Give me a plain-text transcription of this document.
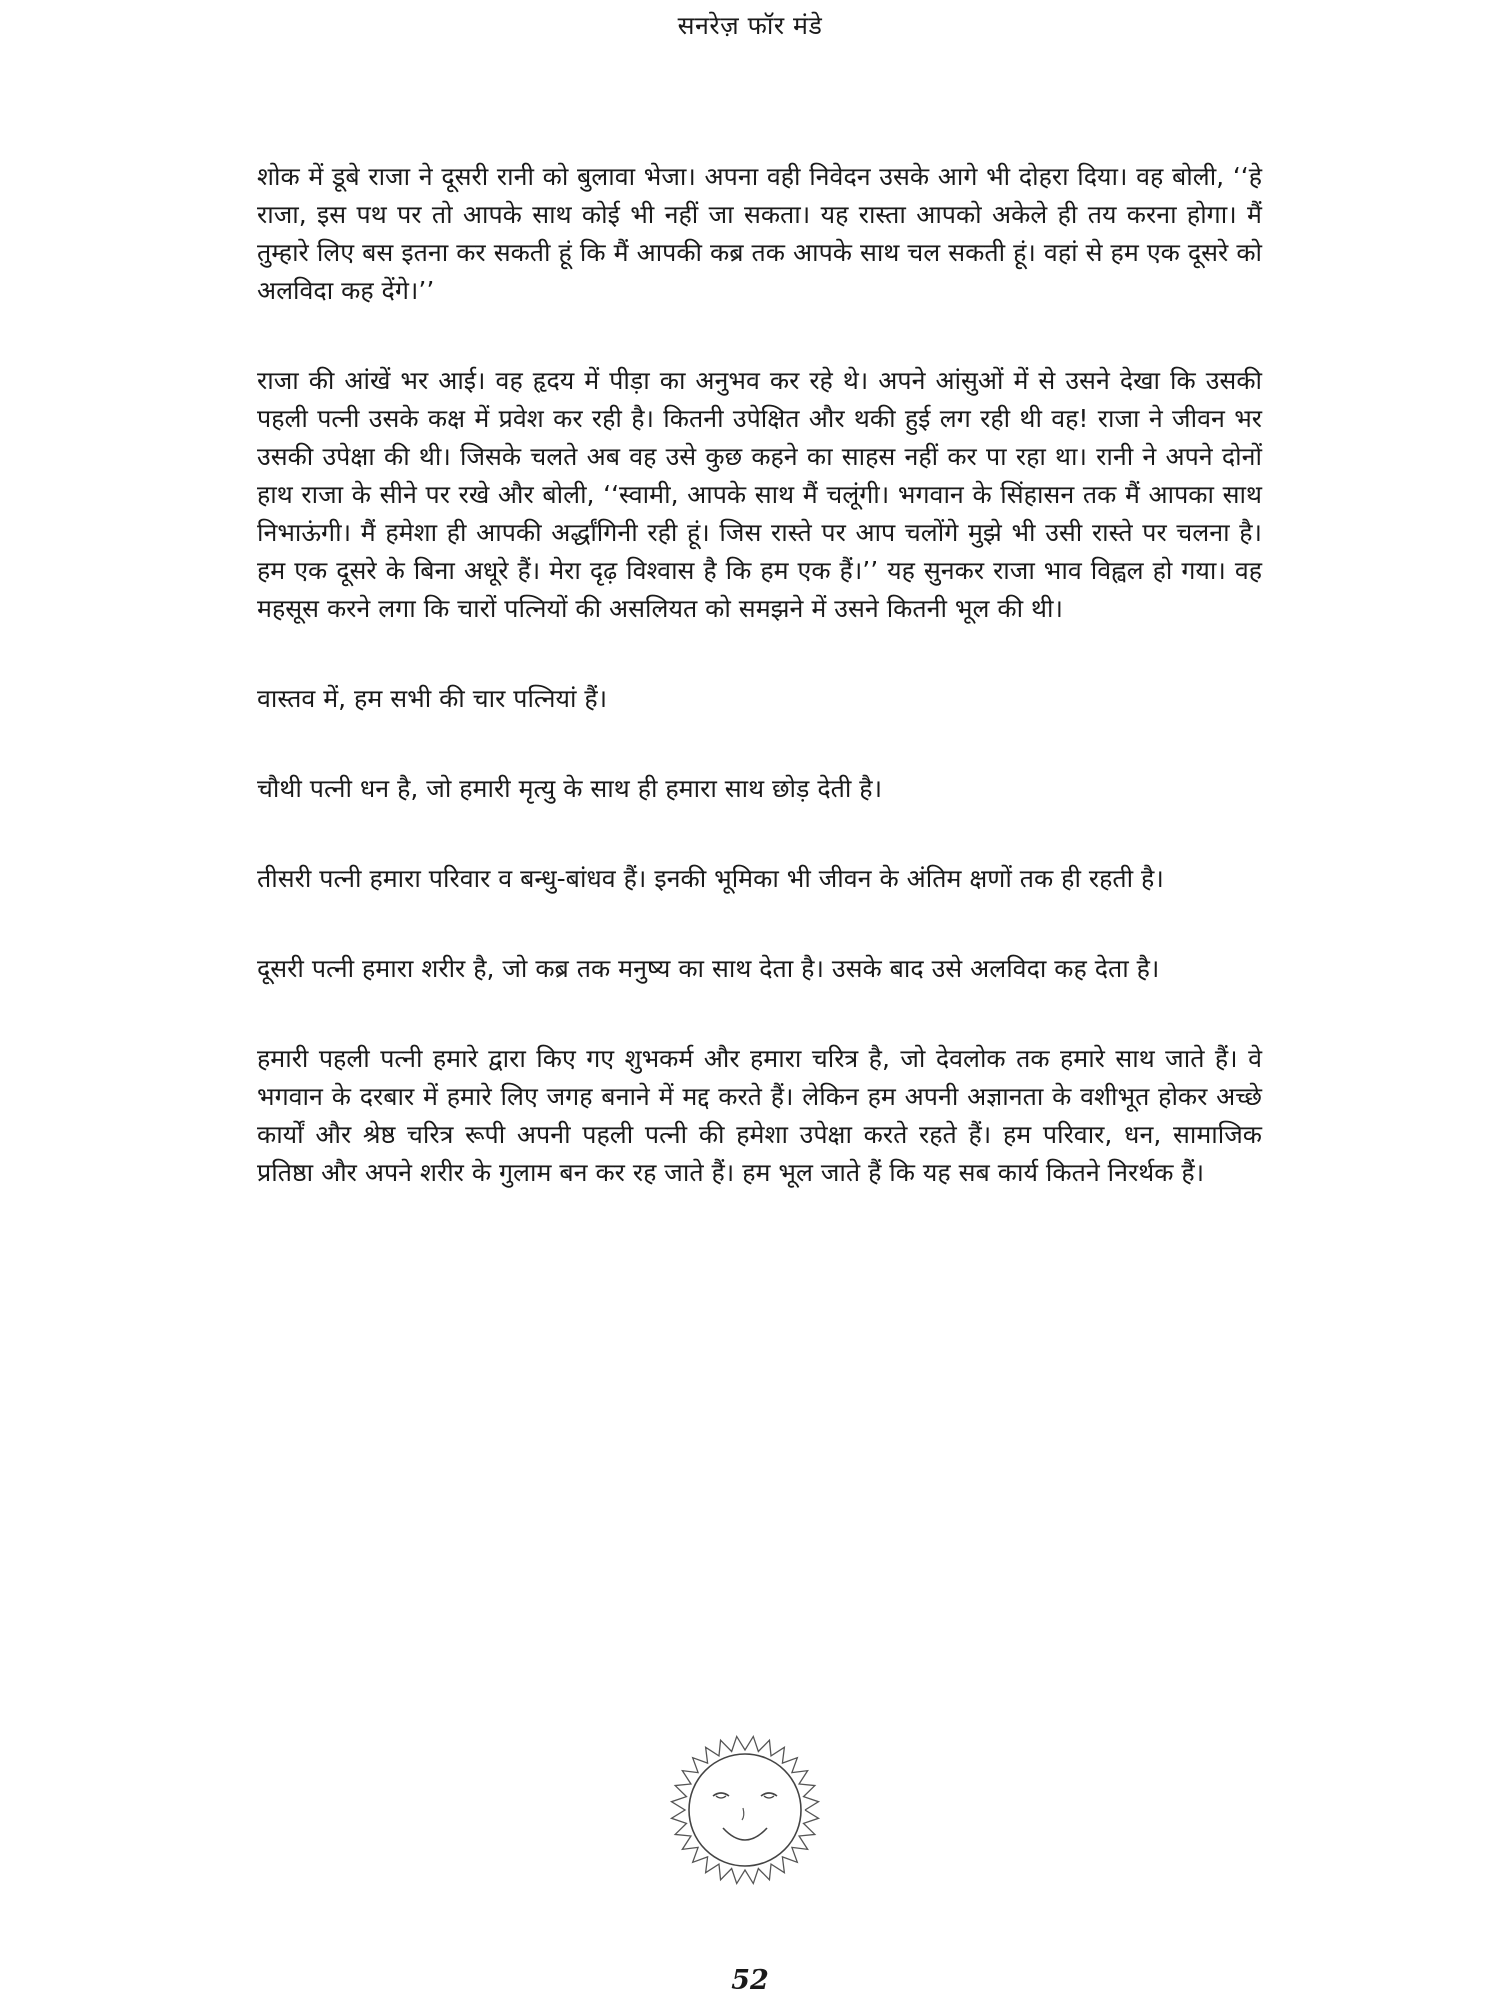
सनरेज़ फॉर मंडे

शोक में डूबे राजा ने दूसरी रानी को बुलावा भेजा। अपना वही निवेदन उसके आगे भी दोहरा दिया। वह बोली, ‘‘हे राजा, इस पथ पर तो आपके साथ कोई भी नहीं जा सकता। यह रास्ता आपको अकेले ही तय करना होगा। मैं तुम्हारे लिए बस इतना कर सकती हूं कि मैं आपकी कब्र तक आपके साथ चल सकती हूं। वहां से हम एक दूसरे को अलविदा कह देंगे।’’

राजा की आंखें भर आई। वह हृदय में पीड़ा का अनुभव कर रहे थे। अपने आंसुओं में से उसने देखा कि उसकी पहली पत्नी उसके कक्ष में प्रवेश कर रही है। कितनी उपेक्षित और थकी हुई लग रही थी वह! राजा ने जीवन भर उसकी उपेक्षा की थी। जिसके चलते अब वह उसे कुछ कहने का साहस नहीं कर पा रहा था। रानी ने अपने दोनों हाथ राजा के सीने पर रखे और बोली, ‘‘स्वामी, आपके साथ मैं चलूंगी। भगवान के सिंहासन तक मैं आपका साथ निभाऊंगी। मैं हमेशा ही आपकी अर्द्धांगिनी रही हूं। जिस रास्ते पर आप चलोंगे मुझे भी उसी रास्ते पर चलना है। हम एक दूसरे के बिना अधूरे हैं। मेरा दृढ़ विश्वास है कि हम एक हैं।’’ यह सुनकर राजा भाव विह्वल हो गया। वह महसूस करने लगा कि चारों पत्नियों की असलियत को समझने में उसने कितनी भूल की थी।

वास्तव में, हम सभी की चार पत्नियां हैं।

चौथी पत्नी धन है, जो हमारी मृत्यु के साथ ही हमारा साथ छोड़ देती है।

तीसरी पत्नी हमारा परिवार व बन्धु-बांधव हैं। इनकी भूमिका भी जीवन के अंतिम क्षणों तक ही रहती है।

दूसरी पत्नी हमारा शरीर है, जो कब्र तक मनुष्य का साथ देता है। उसके बाद उसे अलविदा कह देता है।

हमारी पहली पत्नी हमारे द्वारा किए गए शुभकर्म और हमारा चरित्र है, जो देवलोक तक हमारे साथ जाते हैं। वे भगवान के दरबार में हमारे लिए जगह बनाने में मद्द करते हैं। लेकिन हम अपनी अज्ञानता के वशीभूत होकर अच्छे कार्यों और श्रेष्ठ चरित्र रूपी अपनी पहली पत्नी की हमेशा उपेक्षा करते रहते हैं। हम परिवार, धन, सामाजिक प्रतिष्ठा और अपने शरीर के गुलाम बन कर रह जाते हैं। हम भूल जाते हैं कि यह सब कार्य कितने निरर्थक हैं।

52
